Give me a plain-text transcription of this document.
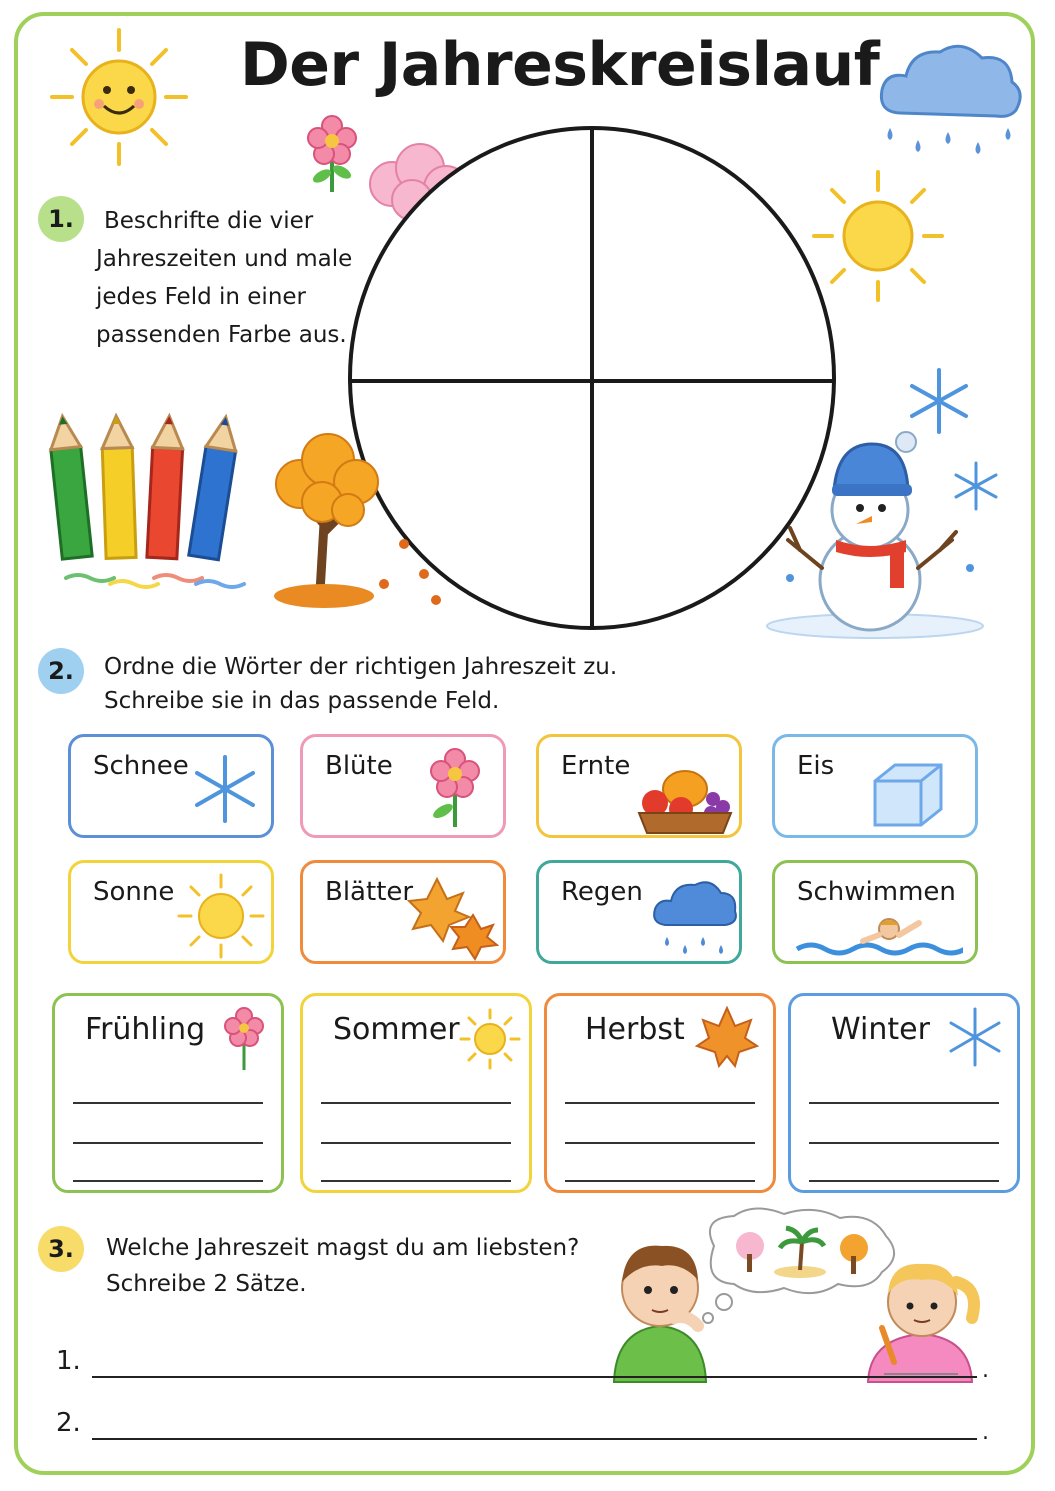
Der Jahreskreislauf
1.	Beschrifte die vier
Jahreszeiten und male
jedes Feld in einer
passenden Farbe aus.
2. Ordne die Wörter der richtigen Jahreszeit zu.
Schreibe sie in das passende Feld.
Schnee	Blüte	Ernte	Eis
Sonne	Blätter	Regen	Schwimmen
Frühling	Sommer	Herbst	Winter
3. Welche Jahreszeit magst du am liebsten?
Schreibe 2 Sätze.
1.	.
2.	.
